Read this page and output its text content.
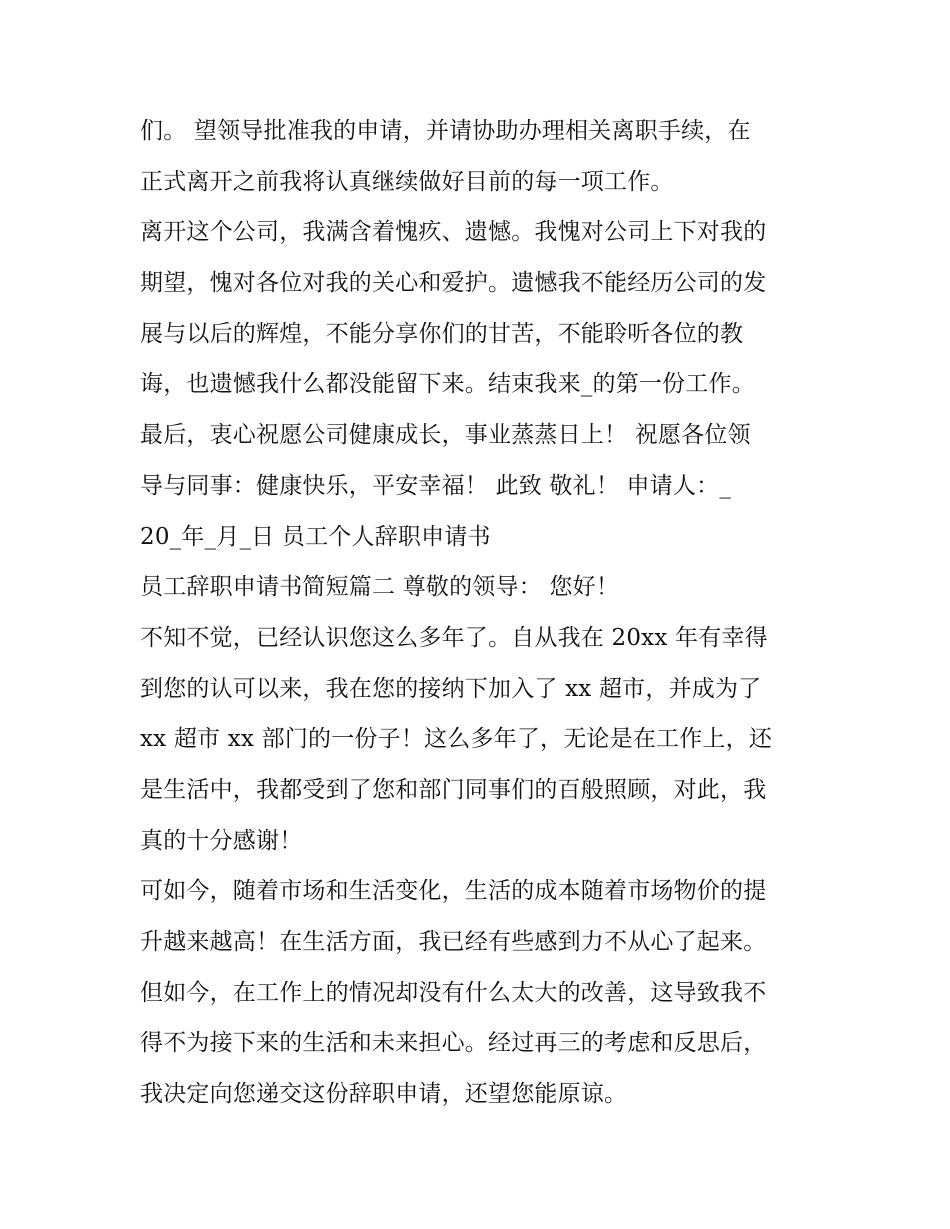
们。 望领导批准我的申请，并请协助办理相关离职手续，在
正式离开之前我将认真继续做好目前的每一项工作。
离开这个公司，我满含着愧疚、遗憾。我愧对公司上下对我的
期望，愧对各位对我的关心和爱护。遗憾我不能经历公司的发
展与以后的辉煌，不能分享你们的甘苦，不能聆听各位的教
诲，也遗憾我什么都没能留下来。结束我来_的第一份工作。
最后，衷心祝愿公司健康成长，事业蒸蒸日上！ 祝愿各位领
导与同事：健康快乐，平安幸福！ 此致 敬礼！ 申请人：_
20_年_月_日 员工个人辞职申请书
员工辞职申请书简短篇二 尊敬的领导： 您好！
不知不觉，已经认识您这么多年了。自从我在 20xx 年有幸得
到您的认可以来，我在您的接纳下加入了 xx 超市，并成为了
xx 超市 xx 部门的一份子！这么多年了，无论是在工作上，还
是生活中，我都受到了您和部门同事们的百般照顾，对此，我
真的十分感谢！
可如今，随着市场和生活变化，生活的成本随着市场物价的提
升越来越高！在生活方面，我已经有些感到力不从心了起来。
但如今，在工作上的情况却没有什么太大的改善，这导致我不
得不为接下来的生活和未来担心。经过再三的考虑和反思后，
我决定向您递交这份辞职申请，还望您能原谅。
